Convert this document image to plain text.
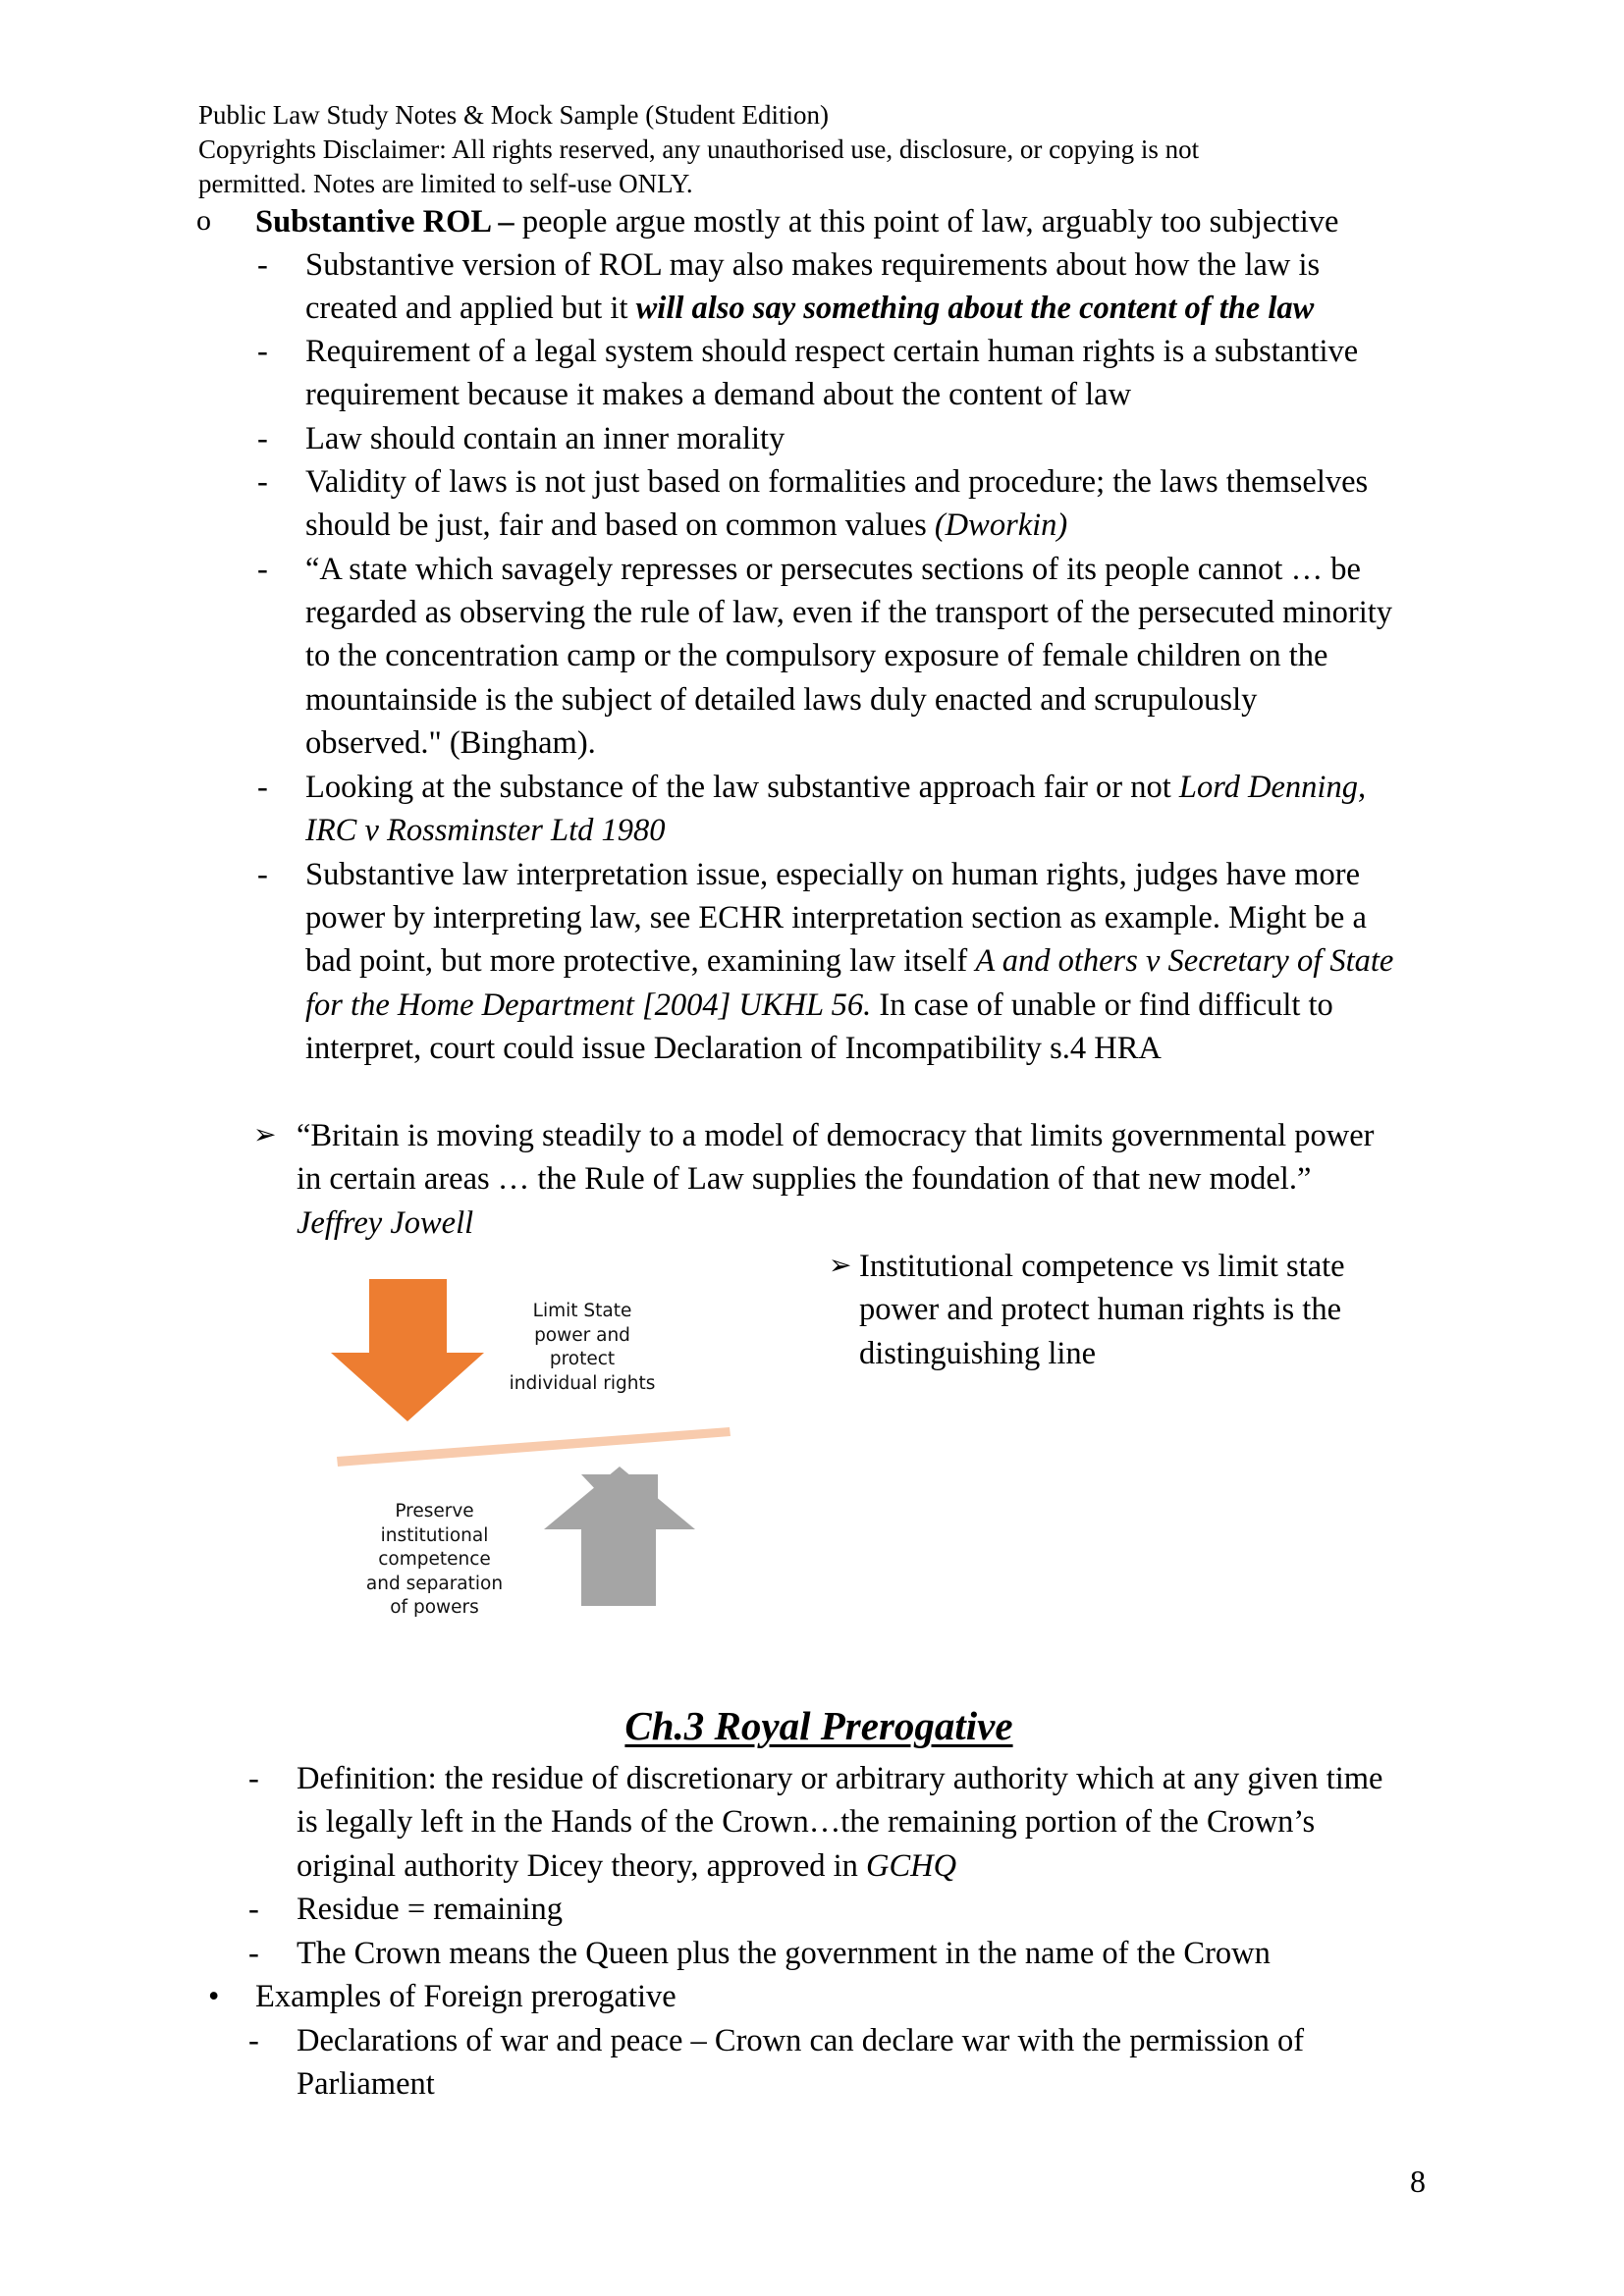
Public Law Study Notes & Mock Sample (Student Edition)
Copyrights Disclaimer: All rights reserved, any unauthorised use, disclosure, or copying is not
permitted. Notes are limited to self-use ONLY.
o Substantive ROL – people argue mostly at this point of law, arguably too subjective
- Substantive version of ROL may also makes requirements about how the law is
created and applied but it will also say something about the content of the law
- Requirement of a legal system should respect certain human rights is a substantive
requirement because it makes a demand about the content of law
- Law should contain an inner morality
- Validity of laws is not just based on formalities and procedure; the laws themselves
should be just, fair and based on common values (Dworkin)
- “A state which savagely represses or persecutes sections of its people cannot … be
regarded as observing the rule of law, even if the transport of the persecuted minority
to the concentration camp or the compulsory exposure of female children on the
mountainside is the subject of detailed laws duly enacted and scrupulously
observed." (Bingham).
- Looking at the substance of the law substantive approach fair or not Lord Denning,
IRC v Rossminster Ltd 1980
- Substantive law interpretation issue, especially on human rights, judges have more
power by interpreting law, see ECHR interpretation section as example. Might be a
bad point, but more protective, examining law itself A and others v Secretary of State
for the Home Department [2004] UKHL 56. In case of unable or find difficult to
interpret, court could issue Declaration of Incompatibility s.4 HRA
➢ “Britain is moving steadily to a model of democracy that limits governmental power
in certain areas … the Rule of Law supplies the foundation of that new model.”
Jeffrey Jowell
Limit State
power and
protect
individual rights
Preserve
institutional
competence
and separation
of powers
➢ Institutional competence vs limit state
power and protect human rights is the
distinguishing line
Ch.3 Royal Prerogative
- Definition: the residue of discretionary or arbitrary authority which at any given time
is legally left in the Hands of the Crown…the remaining portion of the Crown’s
original authority Dicey theory, approved in GCHQ
- Residue = remaining
- The Crown means the Queen plus the government in the name of the Crown
• Examples of Foreign prerogative
- Declarations of war and peace – Crown can declare war with the permission of
Parliament
8
